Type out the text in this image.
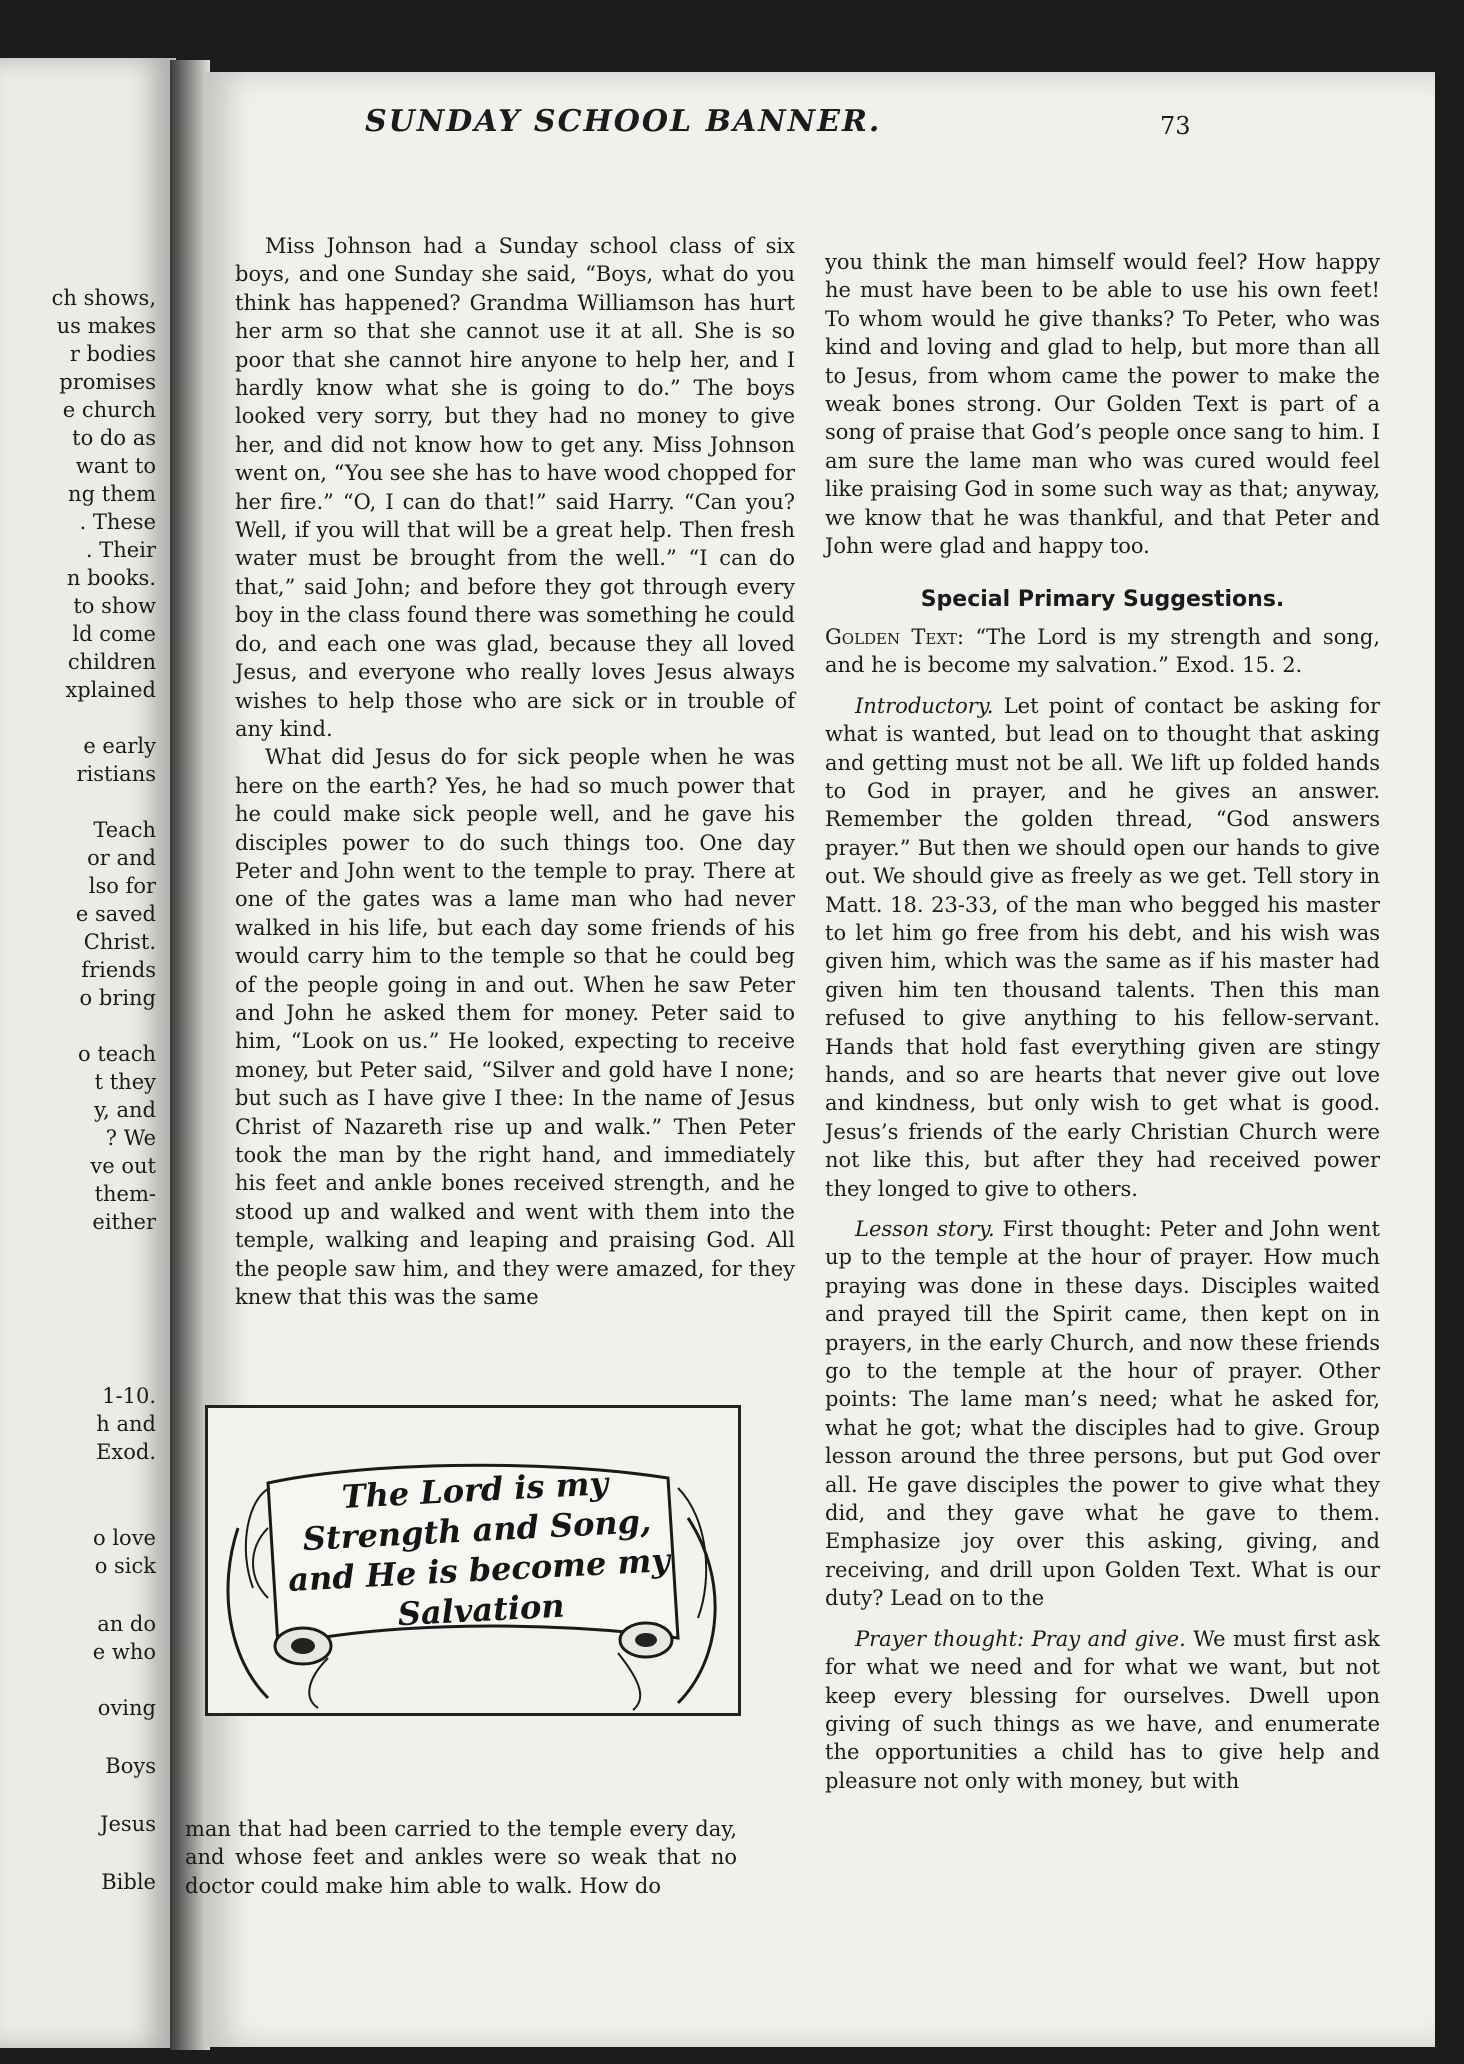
ch shows,
us makes
r bodies
promises
e church
to do as
want to
ng them
. These
. Their
n books.
to show
ld come
children
xplained
e early
ristians
Teach
or and
lso for
e saved
Christ.
friends
o bring
o teach
t they
y, and
? We
ve out
them-
either
1-10.
h and
Exod.
o love
o sick
an do
e who
oving
Boys
Jesus
Bible
SUNDAY SCHOOL BANNER.	73

Miss Johnson had a Sunday school class of six boys, and one Sunday she said, “Boys, what do you think has happened? Grandma Williamson has hurt her arm so that she cannot use it at all. She is so poor that she cannot hire anyone to help her, and I hardly know what she is going to do.” The boys looked very sorry, but they had no money to give her, and did not know how to get any. Miss Johnson went on, “You see she has to have wood chopped for her fire.” “O, I can do that!” said Harry. “Can you? Well, if you will that will be a great help. Then fresh water must be brought from the well.” “I can do that,” said John; and before they got through every boy in the class found there was something he could do, and each one was glad, because they all loved Jesus, and everyone who really loves Jesus always wishes to help those who are sick or in trouble of any kind.

What did Jesus do for sick people when he was here on the earth? Yes, he had so much power that he could make sick people well, and he gave his disciples power to do such things too. One day Peter and John went to the temple to pray. There at one of the gates was a lame man who had never walked in his life, but each day some friends of his would carry him to the temple so that he could beg of the people going in and out. When he saw Peter and John he asked them for money. Peter said to him, “Look on us.” He looked, expecting to receive money, but Peter said, “Silver and gold have I none; but such as I have give I thee: In the name of Jesus Christ of Nazareth rise up and walk.” Then Peter took the man by the right hand, and immediately his feet and ankle bones received strength, and he stood up and walked and went with them into the temple, walking and leaping and praising God. All the people saw him, and they were amazed, for they knew that this was the same

The Lord is my Strength and Song, and He is become my Salvation

man that had been carried to the temple every day, and whose feet and ankles were so weak that no doctor could make him able to walk. How do

you think the man himself would feel? How happy he must have been to be able to use his own feet! To whom would he give thanks? To Peter, who was kind and loving and glad to help, but more than all to Jesus, from whom came the power to make the weak bones strong. Our Golden Text is part of a song of praise that God’s people once sang to him. I am sure the lame man who was cured would feel like praising God in some such way as that; anyway, we know that he was thankful, and that Peter and John were glad and happy too.

Special Primary Suggestions.

Golden Text: “The Lord is my strength and song, and he is become my salvation.” Exod. 15. 2.

Introductory. Let point of contact be asking for what is wanted, but lead on to thought that asking and getting must not be all. We lift up folded hands to God in prayer, and he gives an answer. Remember the golden thread, “God answers prayer.” But then we should open our hands to give out. We should give as freely as we get. Tell story in Matt. 18. 23-33, of the man who begged his master to let him go free from his debt, and his wish was given him, which was the same as if his master had given him ten thousand talents. Then this man refused to give anything to his fellow-servant. Hands that hold fast everything given are stingy hands, and so are hearts that never give out love and kindness, but only wish to get what is good. Jesus’s friends of the early Christian Church were not like this, but after they had received power they longed to give to others.

Lesson story. First thought: Peter and John went up to the temple at the hour of prayer. How much praying was done in these days. Disciples waited and prayed till the Spirit came, then kept on in prayers, in the early Church, and now these friends go to the temple at the hour of prayer. Other points: The lame man’s need; what he asked for, what he got; what the disciples had to give. Group lesson around the three persons, but put God over all. He gave disciples the power to give what they did, and they gave what he gave to them. Emphasize joy over this asking, giving, and receiving, and drill upon Golden Text. What is our duty? Lead on to the

Prayer thought: Pray and give. We must first ask for what we need and for what we want, but not keep every blessing for ourselves. Dwell upon giving of such things as we have, and enumerate the opportunities a child has to give help and pleasure not only with money, but with
